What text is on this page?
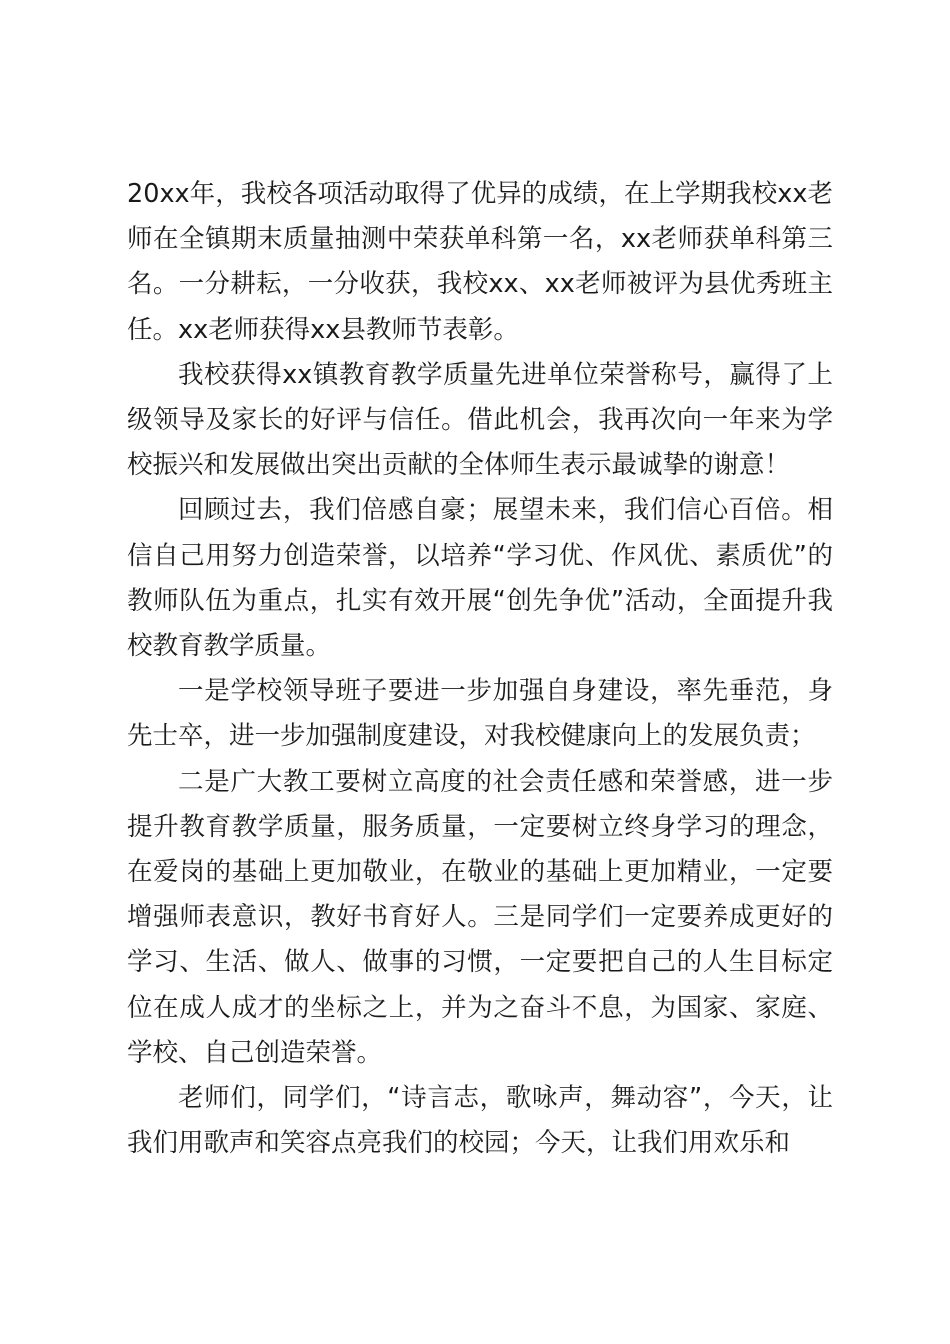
20xx年，我校各项活动取得了优异的成绩，在上学期我校xx老师在全镇期末质量抽测中荣获单科第一名，xx老师获单科第三名。一分耕耘，一分收获，我校xx、xx老师被评为县优秀班主任。xx老师获得xx县教师节表彰。

我校获得xx镇教育教学质量先进单位荣誉称号，赢得了上级领导及家长的好评与信任。借此机会，我再次向一年来为学校振兴和发展做出突出贡献的全体师生表示最诚挚的谢意！

回顾过去，我们倍感自豪；展望未来，我们信心百倍。相信自己用努力创造荣誉，以培养“学习优、作风优、素质优”的教师队伍为重点，扎实有效开展“创先争优”活动，全面提升我校教育教学质量。

一是学校领导班子要进一步加强自身建设，率先垂范，身先士卒，进一步加强制度建设，对我校健康向上的发展负责；

二是广大教工要树立高度的社会责任感和荣誉感，进一步提升教育教学质量，服务质量，一定要树立终身学习的理念，在爱岗的基础上更加敬业，在敬业的基础上更加精业，一定要增强师表意识，教好书育好人。三是同学们一定要养成更好的学习、生活、做人、做事的习惯，一定要把自己的人生目标定位在成人成才的坐标之上，并为之奋斗不息，为国家、家庭、学校、自己创造荣誉。

老师们，同学们，“诗言志，歌咏声，舞动容”，今天，让我们用歌声和笑容点亮我们的校园；今天，让我们用欢乐和
